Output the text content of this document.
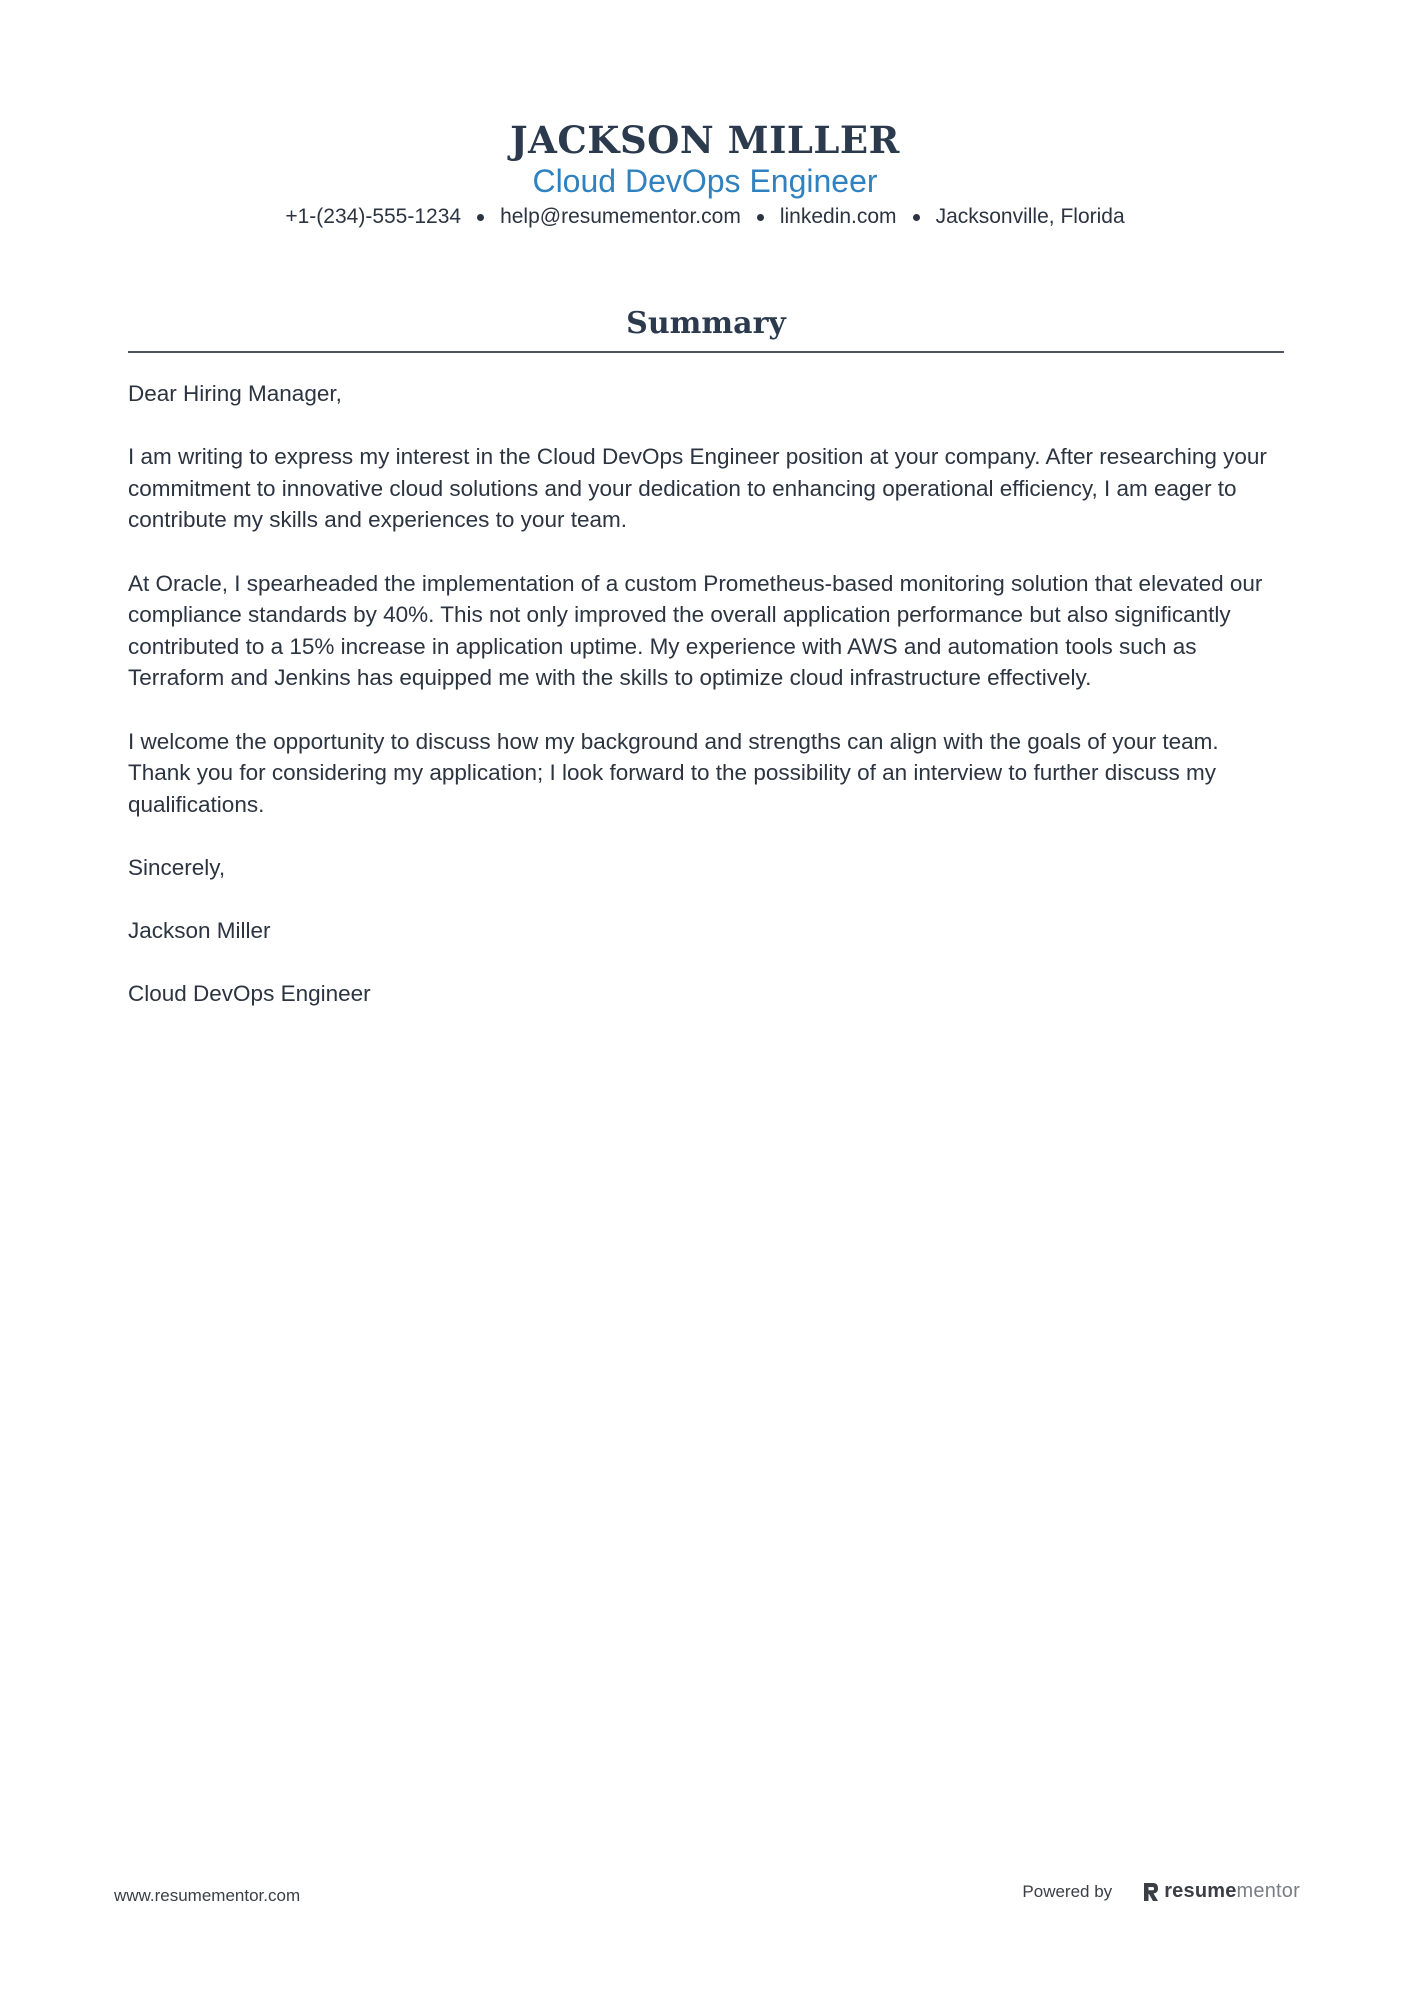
JACKSON MILLER
Cloud DevOps Engineer
+1-(234)-555-1234 help@resumementor.com linkedin.com Jacksonville, Florida
Summary

Dear Hiring Manager,

I am writing to express my interest in the Cloud DevOps Engineer position at your company. After researching your commitment to innovative cloud solutions and your dedication to enhancing operational efficiency, I am eager to contribute my skills and experiences to your team.

At Oracle, I spearheaded the implementation of a custom Prometheus-based monitoring solution that elevated our compliance standards by 40%. This not only improved the overall application performance but also significantly contributed to a 15% increase in application uptime. My experience with AWS and automation tools such as Terraform and Jenkins has equipped me with the skills to optimize cloud infrastructure effectively.

I welcome the opportunity to discuss how my background and strengths can align with the goals of your team. Thank you for considering my application; I look forward to the possibility of an interview to further discuss my qualifications.

Sincerely,

Jackson Miller

Cloud DevOps Engineer

www.resumementor.com	Powered by	resume mentor
